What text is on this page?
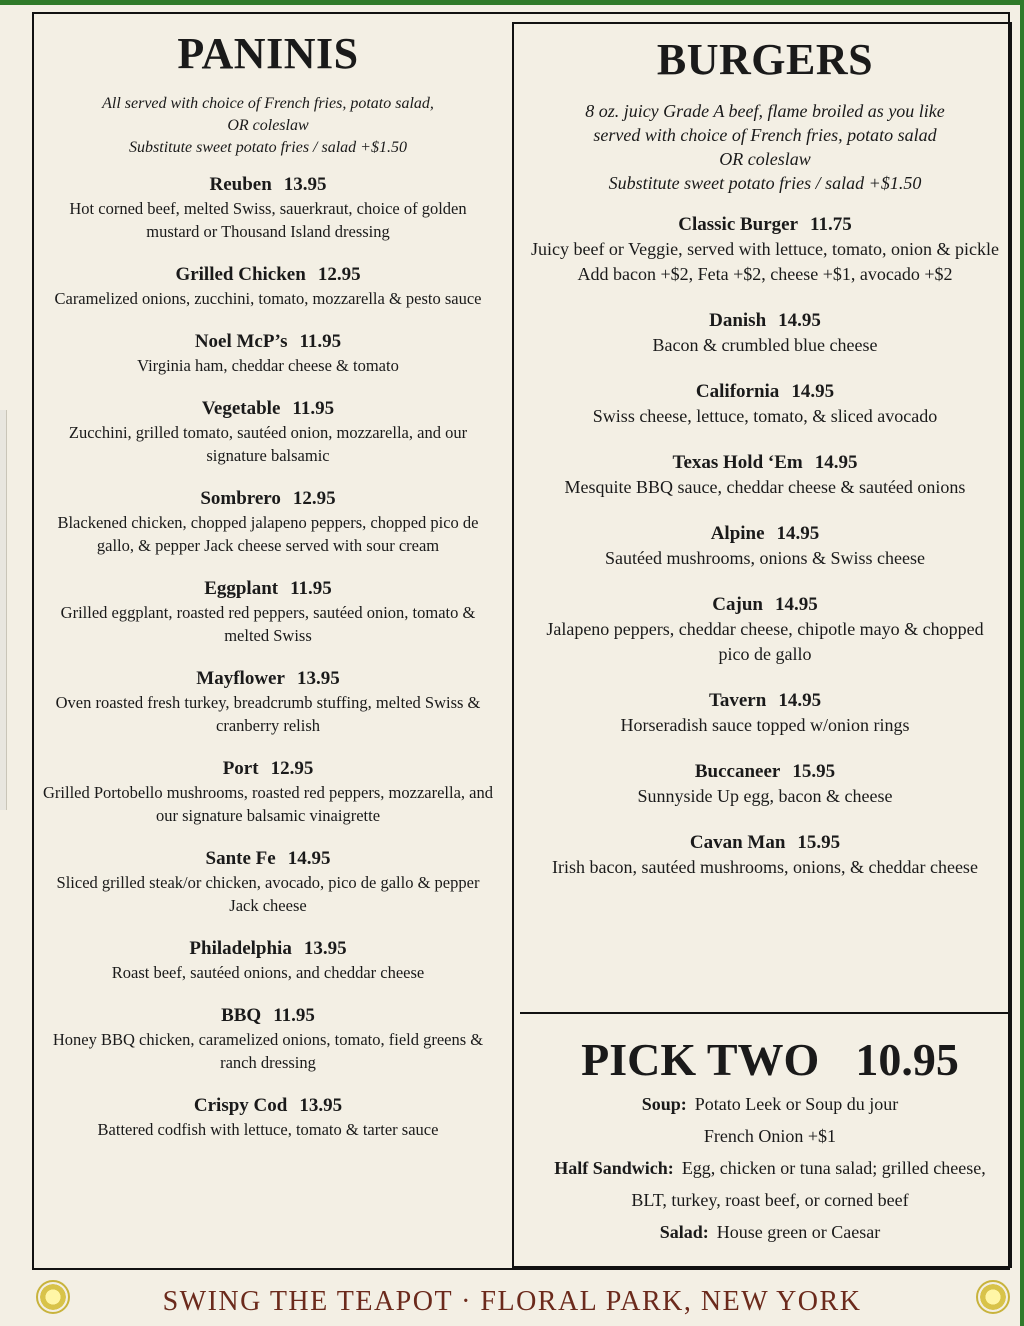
PANINIS
All served with choice of French fries, potato salad,
OR coleslaw
Substitute sweet potato fries / salad +$1.50
Reuben 13.95
Hot corned beef, melted Swiss, sauerkraut, choice of golden mustard or Thousand Island dressing
Grilled Chicken 12.95
Caramelized onions, zucchini, tomato, mozzarella & pesto sauce
Noel McP’s 11.95
Virginia ham, cheddar cheese & tomato
Vegetable 11.95
Zucchini, grilled tomato, sautéed onion, mozzarella, and our signature balsamic
Sombrero 12.95
Blackened chicken, chopped jalapeno peppers, chopped pico de gallo, & pepper Jack cheese served with sour cream
Eggplant 11.95
Grilled eggplant, roasted red peppers, sautéed onion, tomato & melted Swiss
Mayflower 13.95
Oven roasted fresh turkey, breadcrumb stuffing, melted Swiss & cranberry relish
Port 12.95
Grilled Portobello mushrooms, roasted red peppers, mozzarella, and our signature balsamic vinaigrette
Sante Fe 14.95
Sliced grilled steak/or chicken, avocado, pico de gallo & pepper Jack cheese
Philadelphia 13.95
Roast beef, sautéed onions, and cheddar cheese
BBQ 11.95
Honey BBQ chicken, caramelized onions, tomato, field greens & ranch dressing
Crispy Cod 13.95
Battered codfish with lettuce, tomato & tarter sauce
BURGERS
8 oz. juicy Grade A beef, flame broiled as you like
served with choice of French fries, potato salad
OR coleslaw
Substitute sweet potato fries / salad +$1.50
Classic Burger 11.75
Juicy beef or Veggie, served with lettuce, tomato, onion & pickle
Add bacon +$2, Feta +$2, cheese +$1, avocado +$2
Danish 14.95
Bacon & crumbled blue cheese
California 14.95
Swiss cheese, lettuce, tomato, & sliced avocado
Texas Hold ‘Em 14.95
Mesquite BBQ sauce, cheddar cheese & sautéed onions
Alpine 14.95
Sautéed mushrooms, onions & Swiss cheese
Cajun 14.95
Jalapeno peppers, cheddar cheese, chipotle mayo & chopped pico de gallo
Tavern 14.95
Horseradish sauce topped w/onion rings
Buccaneer 15.95
Sunnyside Up egg, bacon & cheese
Cavan Man 15.95
Irish bacon, sautéed mushrooms, onions, & cheddar cheese
PICK TWO 10.95
Soup: Potato Leek or Soup du jour
French Onion +$1
Half Sandwich: Egg, chicken or tuna salad; grilled cheese, BLT, turkey, roast beef, or corned beef
Salad: House green or Caesar
SWING THE TEAPOT · FLORAL PARK, NEW YORK
